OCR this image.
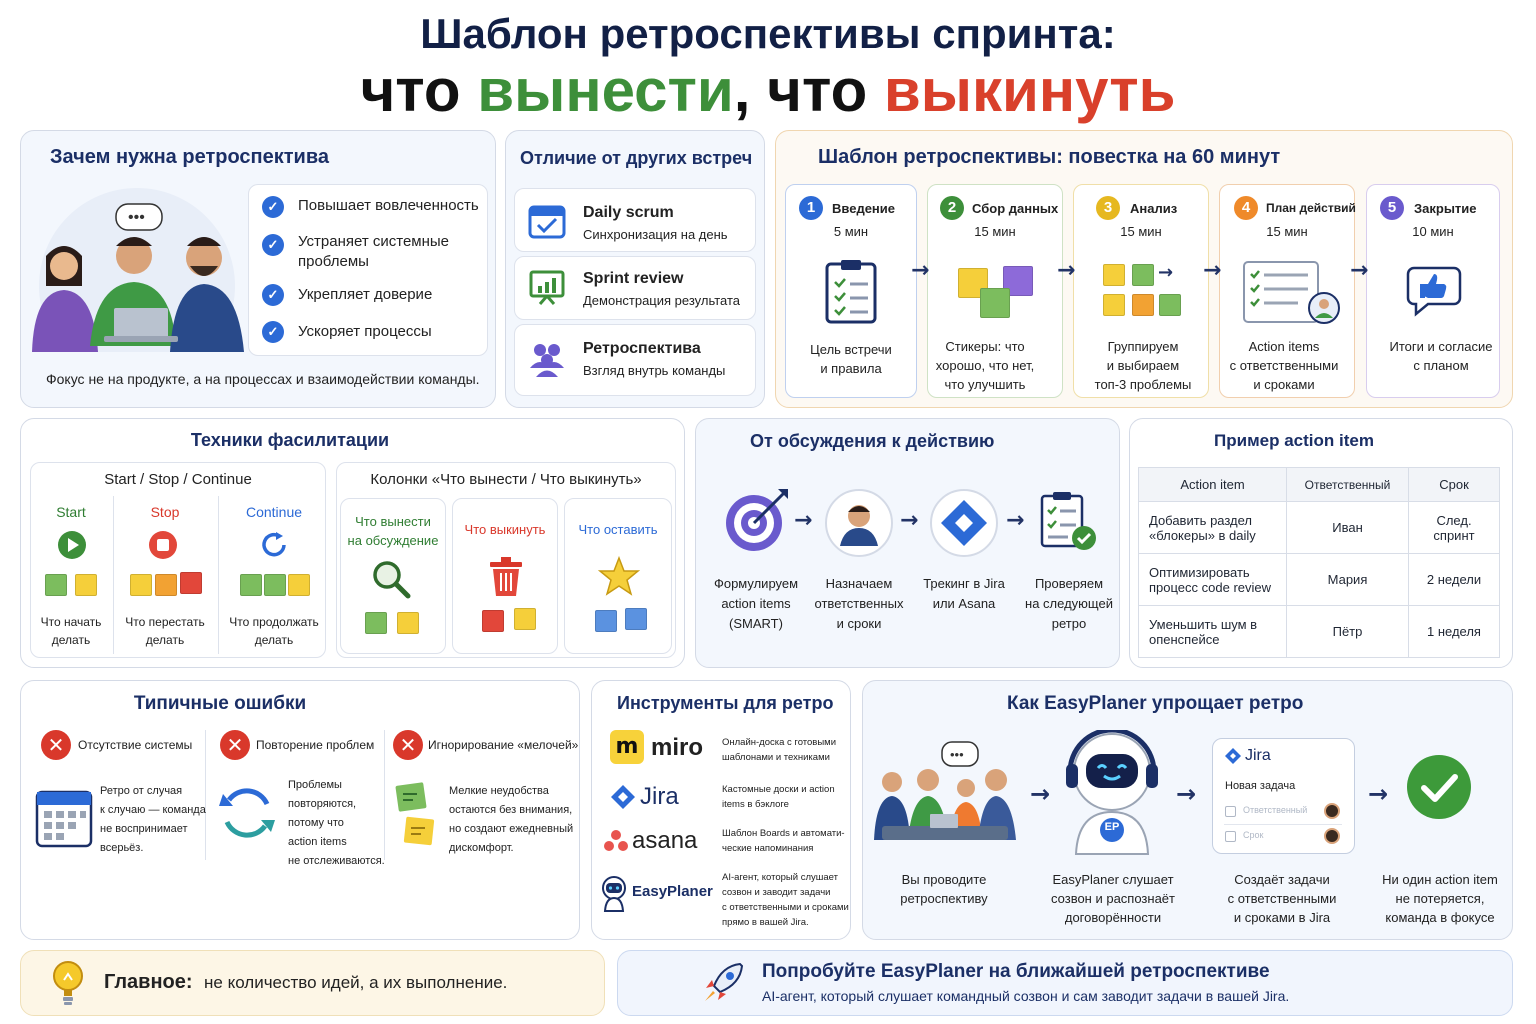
Шаблон ретроспективы спринта:
что вынести, что выкинуть
Зачем нужна ретроспектива
•••
✓	Повышает вовлеченность
✓	Устраняет системные
проблемы
✓	Укрепляет доверие
✓	Ускоряет процессы
Фокус не на продукте, а на процессах и взаимодействии команды.
Отличие от других встреч
Daily scrum
Синхронизация на день
Sprint review
Демонстрация результата
Ретроспектива
Взгляд внутрь команды
Шаблон ретроспективы: повестка на 60 минут
1	2	3	4	5
Введение	Сбор данных	Анализ	План действий	Закрытие
5 мин	15 мин	15 мин	15 мин	10 мин
→
→	→	→	→
Цель встречи
и правила
Стикеры: что
хорошо, что нет,
что улучшить
Группируем
и выбираем
топ-3 проблемы
Action items
с ответственными
и сроками
Итоги и согласие
с планом
Техники фасилитации
Start / Stop / Continue
Start	Stop	Continue
Что начать
делать
Что перестать
делать
Что продолжать
делать
Колонки «Что вынести / Что выкинуть»
Что вынести
на обсуждение
Что выкинуть	Что оставить
От обсуждения к действию
→	→	→
Формулируем
action items
(SMART)
Назначаем
ответственных
и сроки
Трекинг в Jira
или Asana
Проверяем
на следующей
ретро
Пример action item
Action item	Ответственный	Срок
Добавить раздел «блокеры» в daily	Иван	След. спринт
Оптимизировать процесс code review	Мария	2 недели
Уменьшить шум в опенспейсе	Пётр	1 неделя
Типичные ошибки
✕	✕	✕
Отсутствие системы	Повторение проблем	Игнорирование «мелочей»
Ретро от случая
к случаю — команда
не воспринимает
всерьёз.
Проблемы
повторяются,
потому что
action items
не отслеживаются.
Мелкие неудобства
остаются без внимания,
но создают ежедневный
дискомфорт.
Инструменты для ретро
m miro
Jira
asana
EasyPlaner
Онлайн-доска с готовыми
шаблонами и техниками
Кастомные доски и action
items в бэклоге
Шаблон Boards и автомати-
ческие напоминания
AI-агент, который слушает
созвон и заводит задачи
с ответственными и сроками
прямо в вашей Jira.
Как EasyPlaner упрощает ретро
•••
→
EP
→
Jira
Новая задача
Ответственный
Срок
→
Вы проводите
ретроспективу
EasyPlaner слушает
созвон и распознаёт
договорённости
Создаёт задачи
с ответственными
и сроками в Jira
Ни один action item
не потеряется,
команда в фокусе
Главное: не количество идей, а их выполнение.
Попробуйте EasyPlaner на ближайшей ретроспективе
AI-агент, который слушает командный созвон и сам заводит задачи в вашей Jira.
